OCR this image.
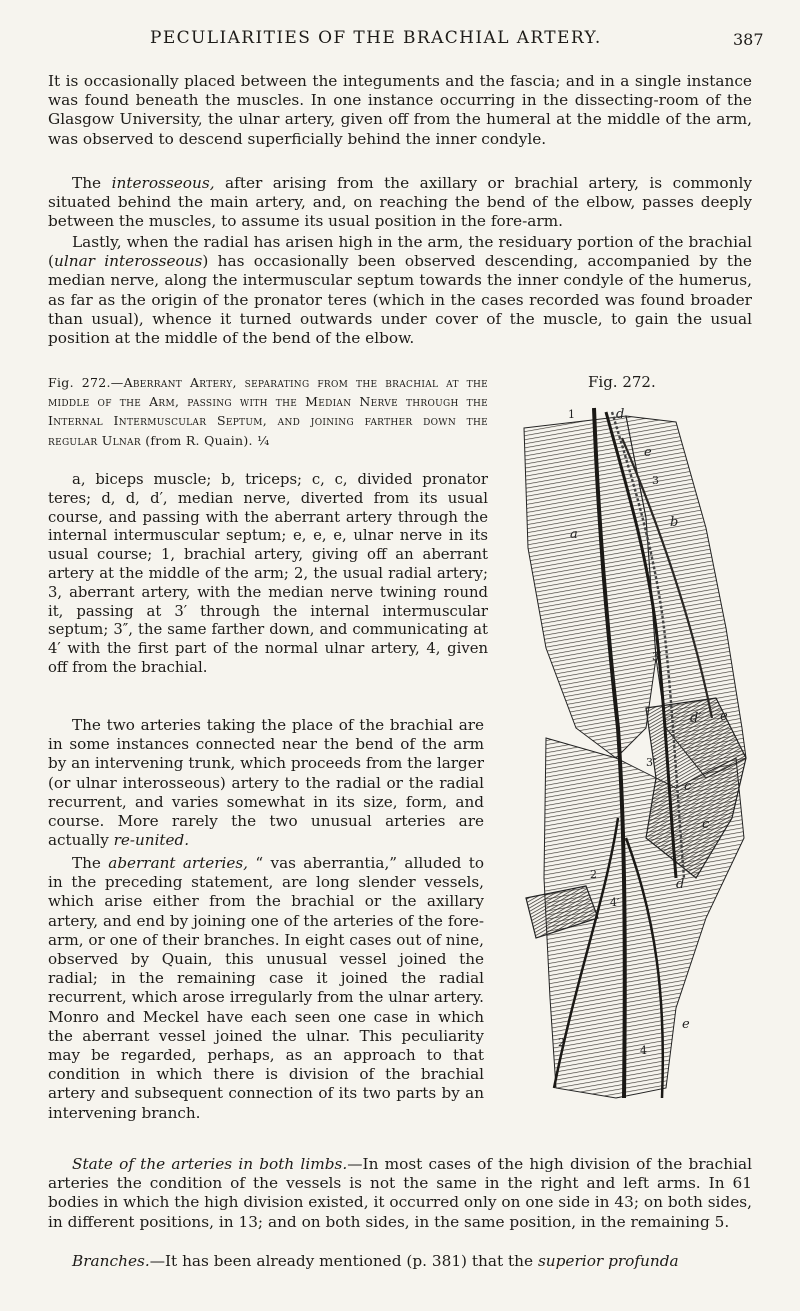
PECULIARITIES OF THE BRACHIAL ARTERY.	387

It is occasionally placed between the integuments and the fascia; and in a single instance was found beneath the muscles. In one instance occurring in the dissecting-room of the Glasgow University, the ulnar artery, given off from the humeral at the middle of the arm, was observed to descend superficially behind the inner condyle.

The interosseous, after arising from the axillary or brachial artery, is commonly situated behind the main artery, and, on reaching the bend of the elbow, passes deeply between the muscles, to assume its usual position in the fore-arm.

Lastly, when the radial has arisen high in the arm, the residuary portion of the brachial (ulnar interosseous) has occasionally been observed descending, accompanied by the median nerve, along the intermuscular septum towards the inner condyle of the humerus, as far as the origin of the pronator teres (which in the cases recorded was found broader than usual), whence it turned outwards under cover of the muscle, to gain the usual position at the middle of the bend of the elbow.

Fig. 272.—Aberrant Artery, separating from the brachial at the middle of the Arm, passing with the Median Nerve through the Internal Intermuscular Septum, and joining farther down the regular Ulnar (from R. Quain). ¼

a, biceps muscle; b, triceps; c, c, divided pronator teres; d, d, d′, median nerve, diverted from its usual course, and passing with the aberrant artery through the internal intermuscular septum; e, e, e, ulnar nerve in its usual course; 1, brachial artery, giving off an aberrant artery at the middle of the arm; 2, the usual radial artery; 3, aberrant artery, with the median nerve twining round it, passing at 3′ through the internal intermuscular septum; 3″, the same farther down, and communicating at 4′ with the first part of the normal ulnar artery, 4, given off from the brachial.

The two arteries taking the place of the brachial are in some instances connected near the bend of the arm by an intervening trunk, which proceeds from the larger (or ulnar interosseous) artery to the radial or the radial recurrent, and varies somewhat in its size, form, and course. More rarely the two unusual arteries are actually re-united.

The aberrant arteries, “ vas aberrantia,” alluded to in the preceding statement, are long slender vessels, which arise either from the brachial or the axillary artery, and end by joining one of the arteries of the fore-arm, or one of their branches. In eight cases out of nine, observed by Quain, this unusual vessel joined the radial; in the remaining case it joined the radial recurrent, which arose irregularly from the ulnar artery. Monro and Meckel have each seen one case in which the aberrant vessel joined the ulnar. This peculiarity may be regarded, perhaps, as an approach to that condition in which there is division of the brachial artery and subsequent connection of its two parts by an intervening branch.

State of the arteries in both limbs.—In most cases of the high division of the brachial arteries the condition of the vessels is not the same in the right and left arms. In 61 bodies in which the high division existed, it occurred only on one side in 43; on both sides, in different positions, in 13; and on both sides, in the same position, in the remaining 5.

Branches.—It has been already mentioned (p. 381) that the superior profunda

Fig. 272.
1	d
e
3
b
a
3′
1
d′ e
3″
c
c
2
4′
d
e
2
4
